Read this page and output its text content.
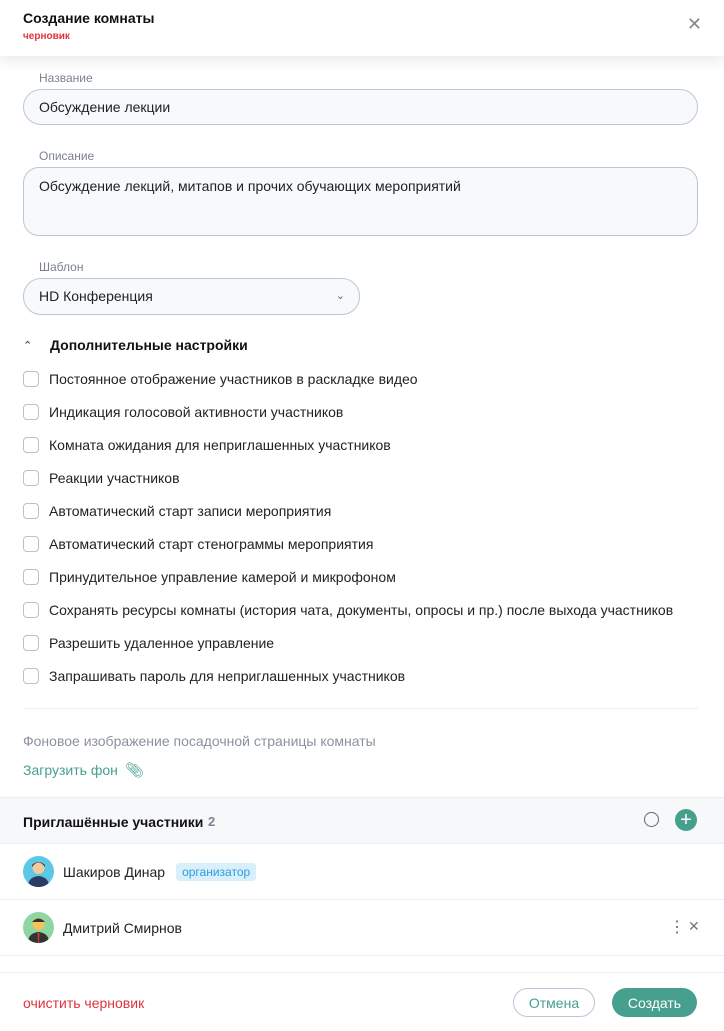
Создание комнаты
черновик
✕
Название
Обсуждение лекции
Описание
Обсуждение лекций, митапов и прочих обучающих мероприятий
Шаблон
HD Конференция	⌄
⌃	Дополнительные настройки
Постоянное отображение участников в раскладке видео
Индикация голосовой активности участников
Комната ожидания для неприглашенных участников
Реакции участников
Автоматический старт записи мероприятия
Автоматический старт стенограммы мероприятия
Принудительное управление камерой и микрофоном
Сохранять ресурсы комнаты (история чата, документы, опросы и пр.) после выхода участников
Разрешить удаленное управление
Запрашивать пароль для неприглашенных участников
Фоновое изображение посадочной страницы комнаты
Загрузить фон 📎︎
Приглашённые участники 2	+
Шакиров Динар	организатор
Дмитрий Смирнов	⋮ ✕
очистить черновик	Отмена	Создать
